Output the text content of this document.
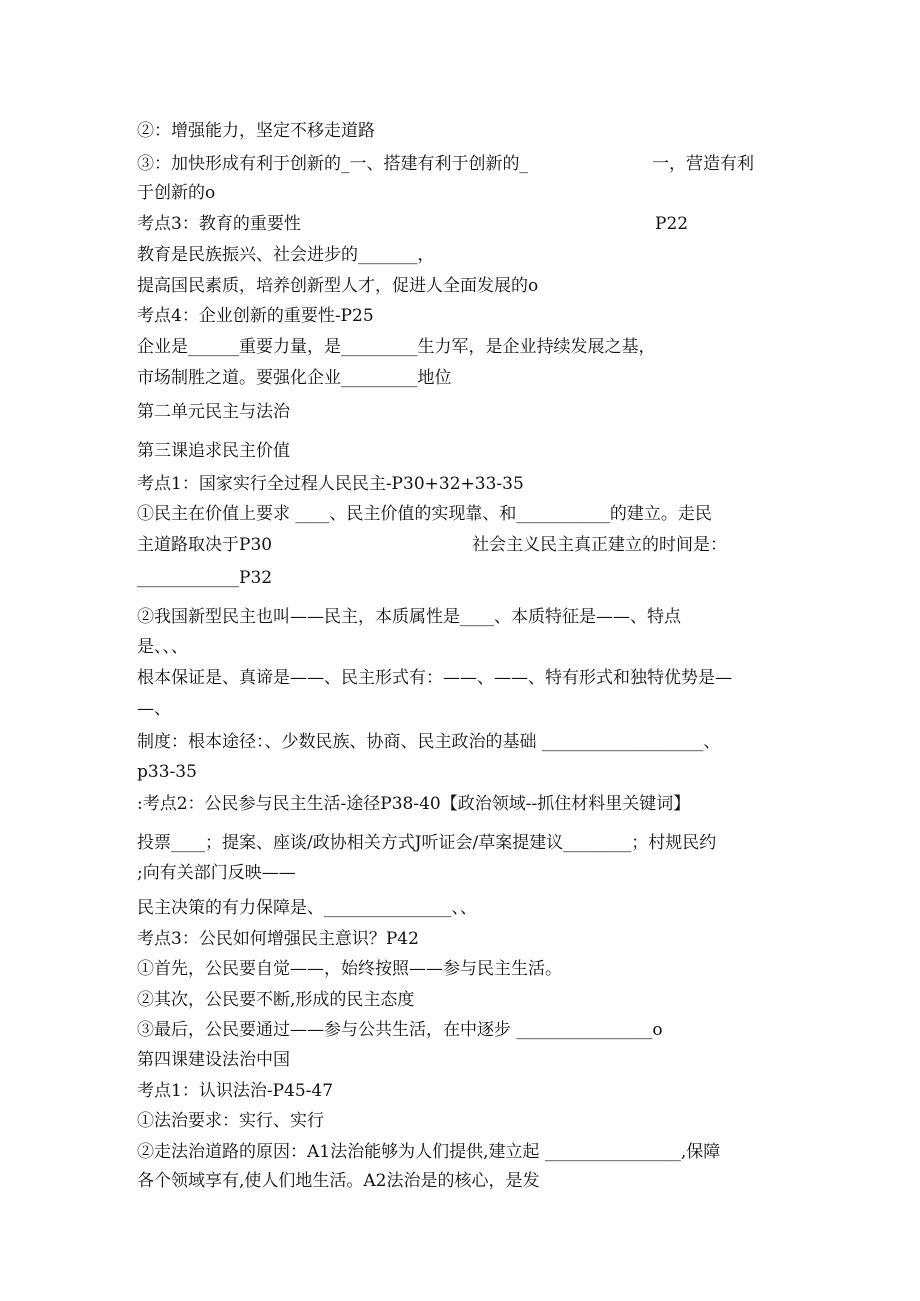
②：增强能力，坚定不移走道路

③：加快形成有利于创新的_一、搭建有利于创新的_	一，营造有利

于创新的o

考点3：教育的重要性	P22

教育是民族振兴、社会进步的_______，

提高国民素质，培养创新型人才，促进人全面发展的o

考点4：企业创新的重要性-P25

企业是______重要力量，是_________生力军，是企业持续发展之基，

市场制胜之道。要强化企业_________地位

第二单元民主与法治

第三课追求民主价值

考点1：国家实行全过程人民民主-P30+32+33-35

①民主在价值上要求 ____、民主价值的实现靠、和___________的建立。走民

主道路取决于P30	社会主义民主真正建立的时间是：

____________P32

②我国新型民主也叫——民主，本质属性是____、本质特征是——、特点

是、、、

根本保证是、真谛是——、民主形式有：——、——、特有形式和独特优势是—

—、

制度：根本途径：、少数民族、协商、民主政治的基础 ___________________、

p33-35

:考点2：公民参与民主生活-途径P38-40【政治领域--抓住材料里关键词】

投票____；提案、座谈/政协相关方式J听证会/草案提建议________；村规民约

;向有关部门反映——

民主决策的有力保障是、_______________、、

考点3：公民如何增强民主意识？P42

①首先，公民要自觉——，始终按照——参与民主生活。

②其次，公民要不断,形成的民主态度

③最后，公民要通过——参与公共生活，在中逐步 ________________o

第四课建设法治中国

考点1：认识法治-P45-47

①法治要求：实行、实行

②走法治道路的原因：A1法治能够为人们提供,建立起 ________________,保障

各个领域享有,使人们地生活。A2法治是的核心，是发
